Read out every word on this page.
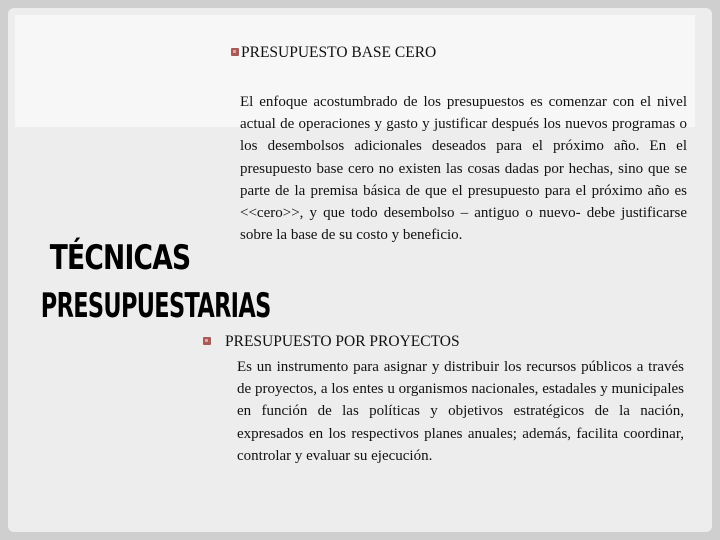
PRESUPUESTO BASE CERO
El enfoque acostumbrado de los presupuestos es comenzar con el nivel actual de operaciones y gasto y justificar después los nuevos programas o los desembolsos adicionales deseados para el próximo año. En el presupuesto base cero no existen las cosas dadas por hechas, sino que se parte de la premisa básica de que el presupuesto para el próximo año es <<cero>>, y que todo desembolso – antiguo o nuevo- debe justificarse sobre la base de su costo y beneficio.
TÉCNICAS
PRESUPUESTARIAS
PRESUPUESTO POR PROYECTOS
Es un instrumento para asignar y distribuir los recursos públicos a través de proyectos, a los entes u organismos nacionales, estadales y municipales en función de las políticas y objetivos estratégicos de la nación, expresados en los respectivos planes anuales; además, facilita coordinar, controlar y evaluar su ejecución.
